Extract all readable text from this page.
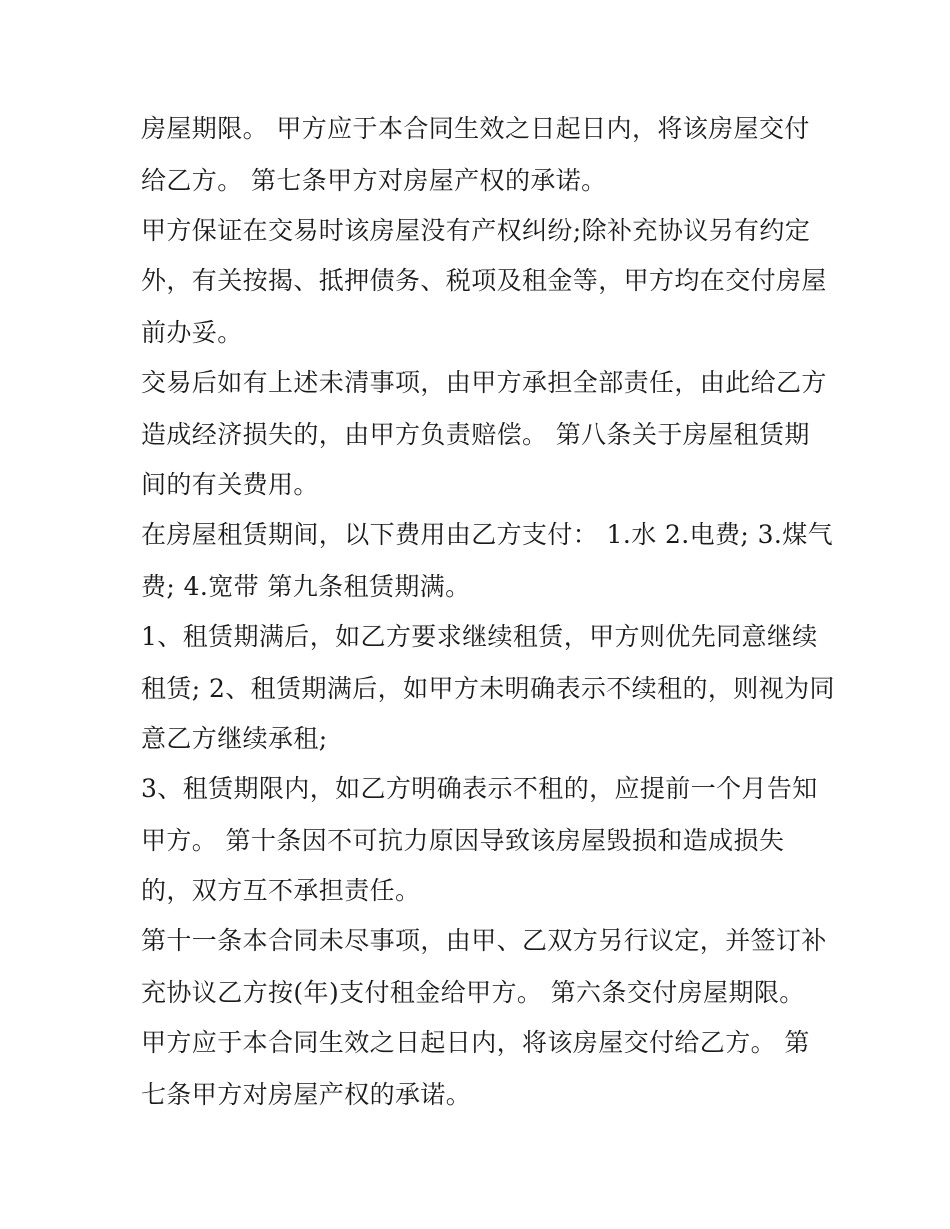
房屋期限。 甲方应于本合同生效之日起日内，将该房屋交付
给乙方。 第七条甲方对房屋产权的承诺。
甲方保证在交易时该房屋没有产权纠纷;除补充协议另有约定
外，有关按揭、抵押债务、税项及租金等，甲方均在交付房屋
前办妥。
交易后如有上述未清事项，由甲方承担全部责任，由此给乙方
造成经济损失的，由甲方负责赔偿。 第八条关于房屋租赁期
间的有关费用。
在房屋租赁期间，以下费用由乙方支付： 1.水 2.电费; 3.煤气
费; 4.宽带 第九条租赁期满。
1、租赁期满后，如乙方要求继续租赁，甲方则优先同意继续
租赁; 2、租赁期满后，如甲方未明确表示不续租的，则视为同
意乙方继续承租;
3、租赁期限内，如乙方明确表示不租的，应提前一个月告知
甲方。 第十条因不可抗力原因导致该房屋毁损和造成损失
的，双方互不承担责任。
第十一条本合同未尽事项，由甲、乙双方另行议定，并签订补
充协议乙方按(年)支付租金给甲方。 第六条交付房屋期限。
甲方应于本合同生效之日起日内，将该房屋交付给乙方。 第
七条甲方对房屋产权的承诺。
